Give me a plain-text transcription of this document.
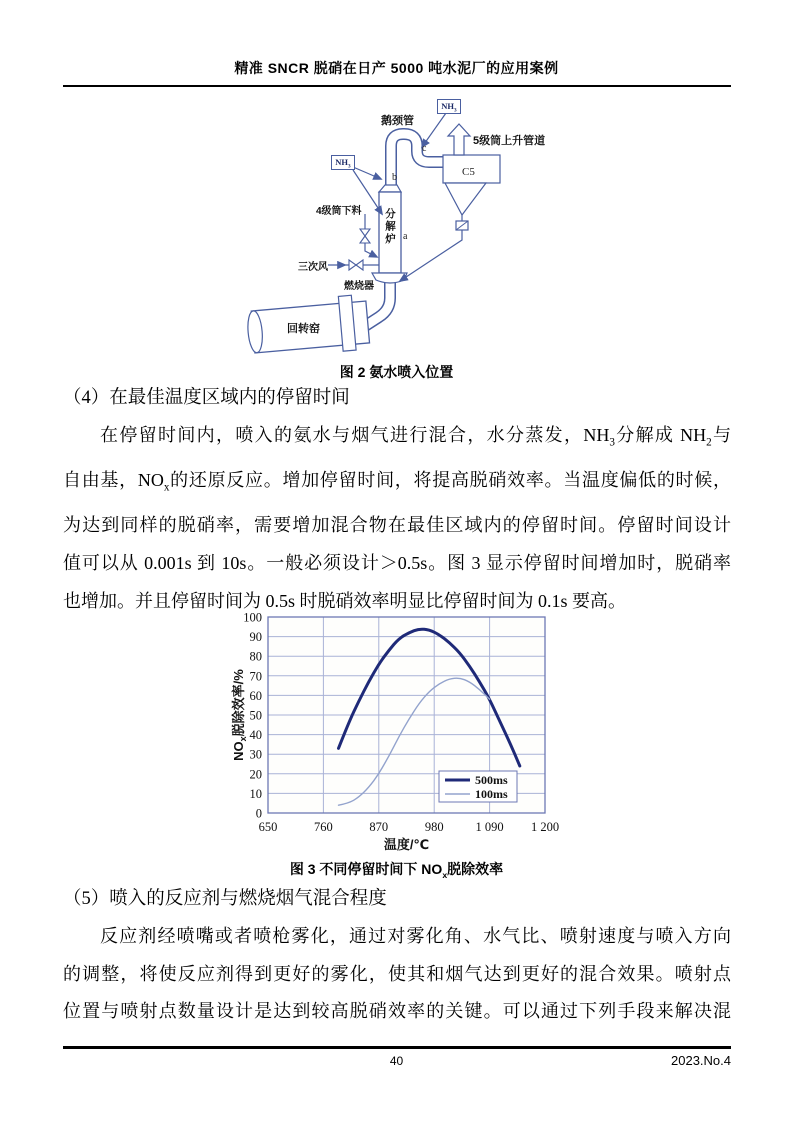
精准 SNCR 脱硝在日产 5000 吨水泥厂的应用案例
鹅颈管
$NH_3$
$NH_3$
5级筒上升管道
C5
c
b
a
4级筒下料 分解炉
三次风
燃烧器
回转窑
图 2 氨水喷入位置
（4）在最佳温度区域内的停留时间
在停留时间内，喷入的氨水与烟气进行混合，水分蒸发，$NH_3$分解成 $NH_2$与
自由基，$NO_x$的还原反应。增加停留时间，将提高脱硝效率。当温度偏低的时候，
为达到同样的脱硝率，需要增加混合物在最佳区域内的停留时间。停留时间设计
值可以从 0.001s 到 10s。一般必须设计＞0.5s。图 3 显示停留时间增加时，脱硝率
也增加。并且停留时间为 0.5s 时脱硝效率明显比停留时间为 0.1s 要高。
500ms
100ms
0
10
20
30
40
50
60
70
80
90
100
650	760	870	980	1 090 1 200
温度/℃
$NO_x$脱除效率/%
图 3 不同停留时间下 $NO_x$脱除效率
（5）喷入的反应剂与燃烧烟气混合程度
反应剂经喷嘴或者喷枪雾化，通过对雾化角、水气比、喷射速度与喷入方向
的调整，将使反应剂得到更好的雾化，使其和烟气达到更好的混合效果。喷射点
位置与喷射点数量设计是达到较高脱硝效率的关键。可以通过下列手段来解决混
40	2023.No.4
